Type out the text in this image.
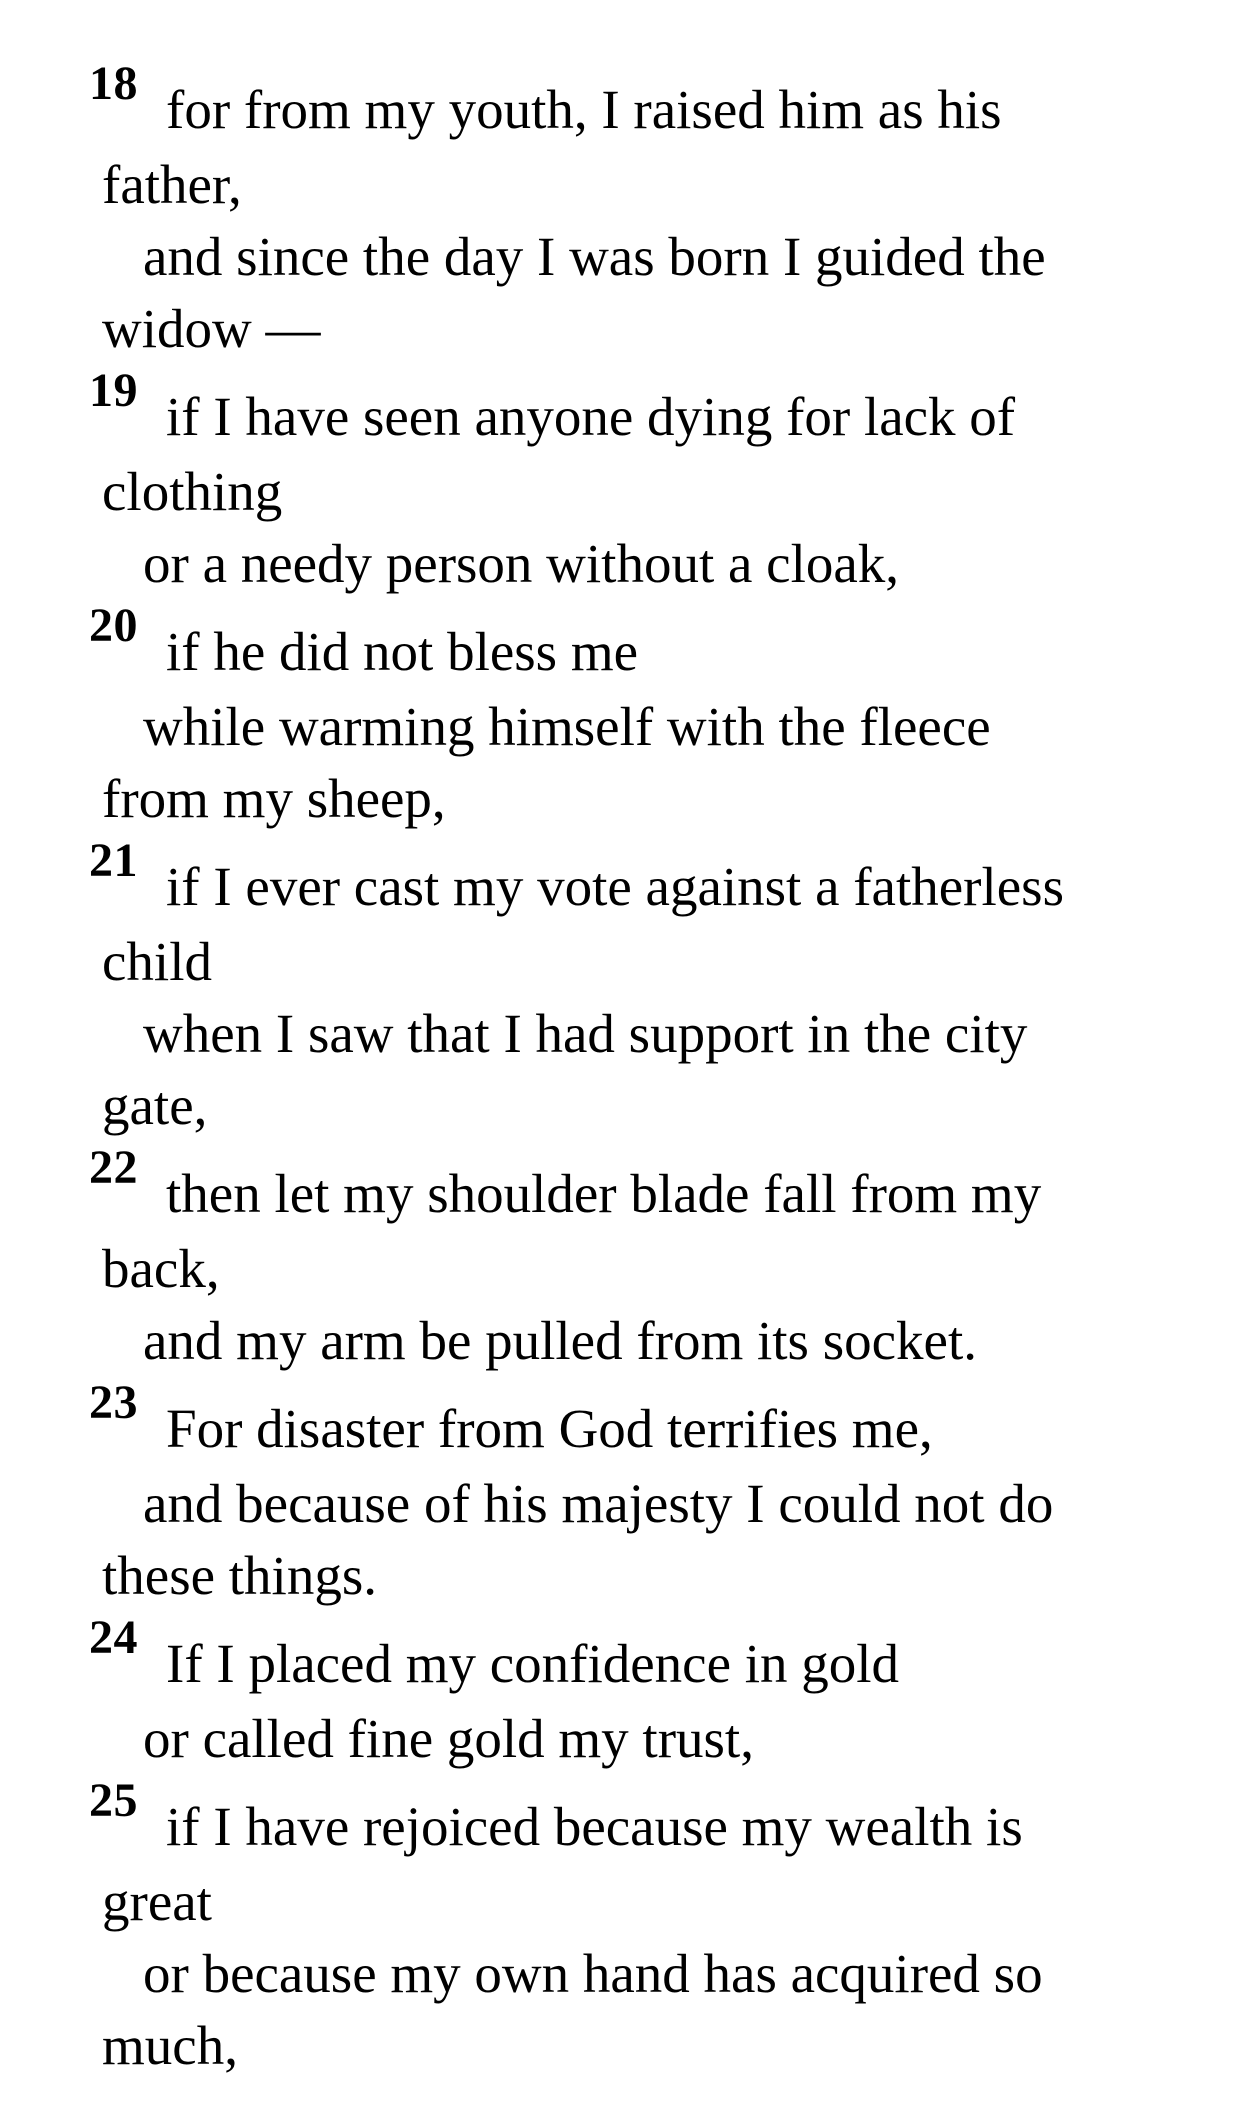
18 for from my youth, I raised him as his
father,
and since the day I was born I guided the
widow —
19 if I have seen anyone dying for lack of
clothing
or a needy person without a cloak,
20 if he did not bless me
while warming himself with the fleece
from my sheep,
21 if I ever cast my vote against a fatherless
child
when I saw that I had support in the city
gate,
22 then let my shoulder blade fall from my
back,
and my arm be pulled from its socket.
23 For disaster from God terrifies me,
and because of his majesty I could not do
these things.
24 If I placed my confidence in gold
or called fine gold my trust,
25 if I have rejoiced because my wealth is
great
or because my own hand has acquired so
much,
